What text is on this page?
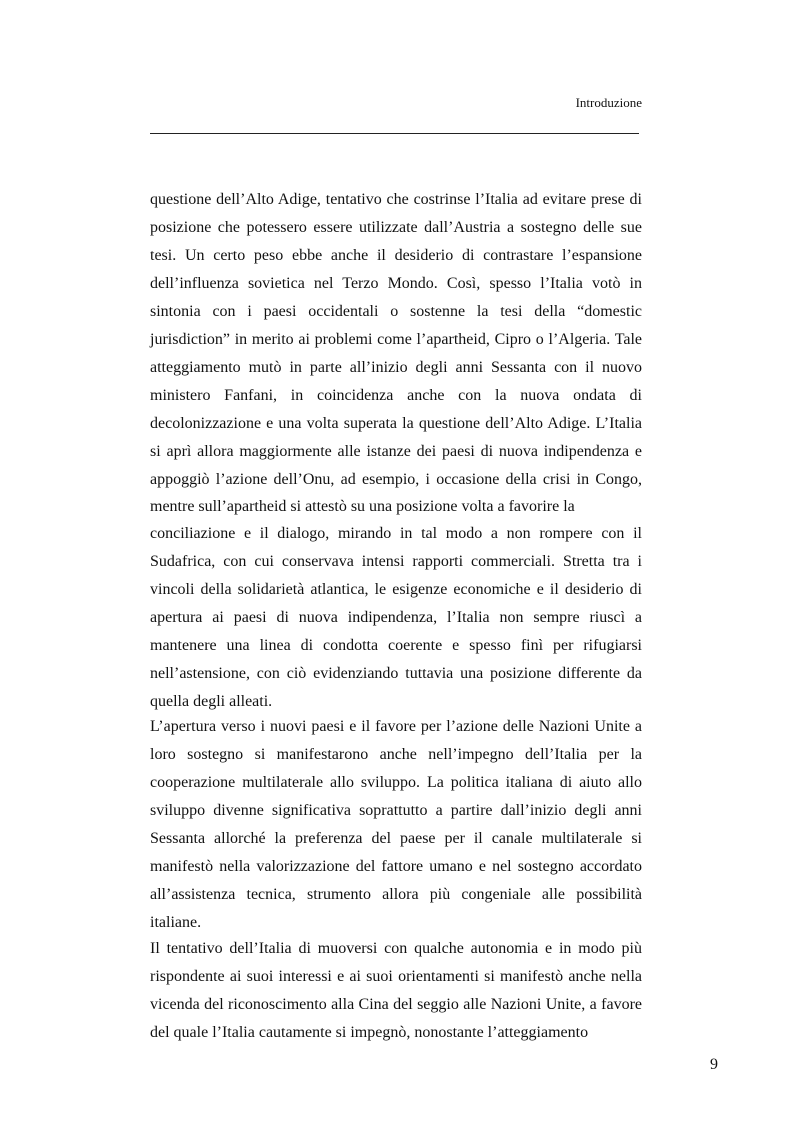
Introduzione
questione dell’Alto Adige, tentativo che costrinse l’Italia ad evitare prese di
posizione che potessero essere utilizzate dall’Austria a sostegno delle sue
tesi. Un certo peso ebbe anche il desiderio di contrastare l’espansione
dell’influenza sovietica nel Terzo Mondo. Così, spesso l’Italia votò in
sintonia con i paesi occidentali o sostenne la tesi della “domestic
jurisdiction” in merito ai problemi come l’apartheid, Cipro o l’Algeria. Tale
atteggiamento mutò in parte all’inizio degli anni Sessanta con il nuovo
ministero Fanfani, in coincidenza anche con la nuova ondata di
decolonizzazione e una volta superata la questione dell’Alto Adige. L’Italia
si aprì allora maggiormente alle istanze dei paesi di nuova indipendenza e
appoggiò l’azione dell’Onu, ad esempio, i occasione della crisi in Congo,
mentre sull’apartheid si attestò su una posizione volta a favorire la
conciliazione e il dialogo, mirando in tal modo a non rompere con il
Sudafrica, con cui conservava intensi rapporti commerciali. Stretta tra i
vincoli della solidarietà atlantica, le esigenze economiche e il desiderio di
apertura ai paesi di nuova indipendenza, l’Italia non sempre riuscì a
mantenere una linea di condotta coerente e spesso finì per rifugiarsi
nell’astensione, con ciò evidenziando tuttavia una posizione differente da
quella degli alleati.
L’apertura verso i nuovi paesi e il favore per l’azione delle Nazioni Unite a
loro sostegno si manifestarono anche nell’impegno dell’Italia per la
cooperazione multilaterale allo sviluppo. La politica italiana di aiuto allo
sviluppo divenne significativa soprattutto a partire dall’inizio degli anni
Sessanta allorché la preferenza del paese per il canale multilaterale si
manifestò nella valorizzazione del fattore umano e nel sostegno accordato
all’assistenza tecnica, strumento allora più congeniale alle possibilità
italiane.
Il tentativo dell’Italia di muoversi con qualche autonomia e in modo più
rispondente ai suoi interessi e ai suoi orientamenti si manifestò anche nella
vicenda del riconoscimento alla Cina del seggio alle Nazioni Unite, a favore
del quale l’Italia cautamente si impegnò, nonostante l’atteggiamento
9
